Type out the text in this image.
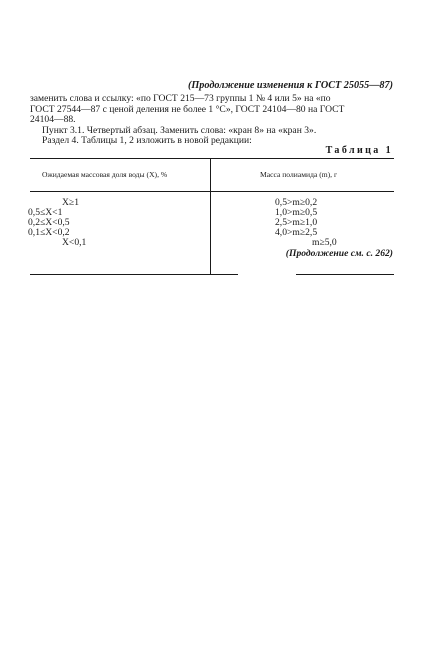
(Продолжение изменения к ГОСТ 25055—87)
заменить слова и ссылку: «по ГОСТ 215—73 группы 1 № 4 или 5» на «по
ГОСТ 27544—87 с ценой деления не более 1 °С», ГОСТ 24104—80 на ГОСТ
24104—88.
Пункт 3.1. Четвертый абзац. Заменить слова: «кран 8» на «кран 3».
Раздел 4. Таблицы 1, 2 изложить в новой редакции:
Таблица 1
Ожидаемая массовая доля воды (X), %	Масса полиамида (m), г
X≥1	0,5>m≥0,2
0,5≤X<1	1,0>m≥0,5
0,2≤X<0,5	2,5>m≥1,0
0,1≤X<0,2	4,0>m≥2,5
X<0,1	m≥5,0
(Продолжение см. с. 262)
